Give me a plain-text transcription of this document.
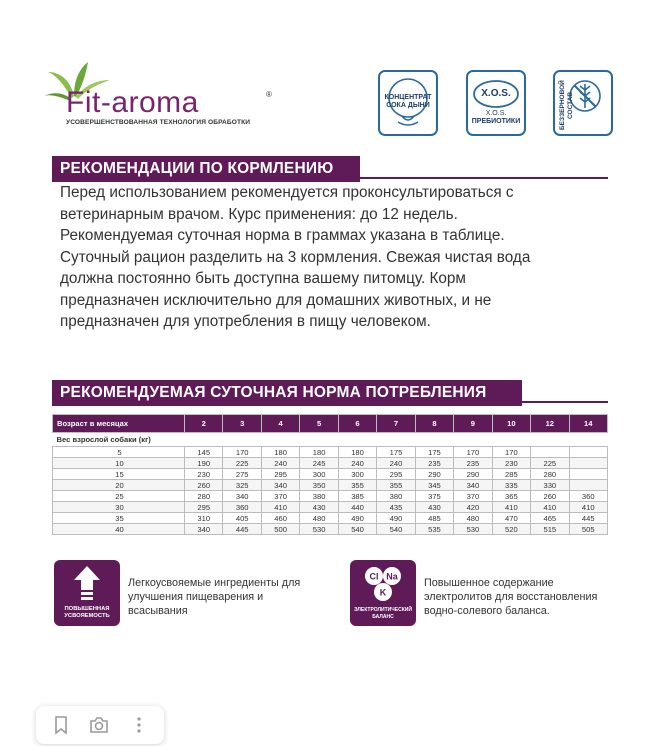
Fit-aroma	®
УСОВЕРШЕНСТВОВАННАЯ ТЕХНОЛОГИЯ ОБРАБОТКИ
КОНЦЕНТРАТ
СОКА ДЫНИ
X.O.S.
X.O.S.
ПРЕБИОТИКИ	БЕЗЗЕРНОВОЙ СОСТАВ
РЕКОМЕНДАЦИИ ПО КОРМЛЕНИЮ
Перед использованием рекомендуется проконсультироваться с
ветеринарным врачом. Курс применения: до 12 недель.
Рекомендуемая суточная норма в граммах указана в таблице.
Суточный рацион разделить на 3 кормления. Свежая чистая вода
должна постоянно быть доступна вашему питомцу. Корм
предназначен исключительно для домашних животных, и не
предназначен для употребления в пищу человеком.
РЕКОМЕНДУЕМАЯ СУТОЧНАЯ НОРМА ПОТРЕБЛЕНИЯ
Возраст в месяцах	2	3	4	5	6	7	8	9	10	12	14
Вес взрослой собаки (кг)											
5	145	170	180	180	180	175	175	170	170		
10	190	225	240	245	240	240	235	235	230	225	
15	230	275	295	300	300	295	290	290	285	280	
20	260	325	340	350	355	355	345	340	335	330	
25	280	340	370	380	385	380	375	370	365	260	360
30	295	360	410	430	440	435	430	420	410	410	410
35	310	405	460	480	490	490	485	480	470	465	445
40	340	445	500	530	540	540	535	530	520	515	505
ПОВЫШЕННАЯ
УСВОЯЕМОСТЬ
Легкоусвояемые ингредиенты для
улучшения пищеварения и
всасывания
Cl Na
K
ЭЛЕКТРОЛИТИЧЕСКИЙ
БАЛАНС
Повышенное содержание
электролитов для восстановления
водно-солевого баланса.
